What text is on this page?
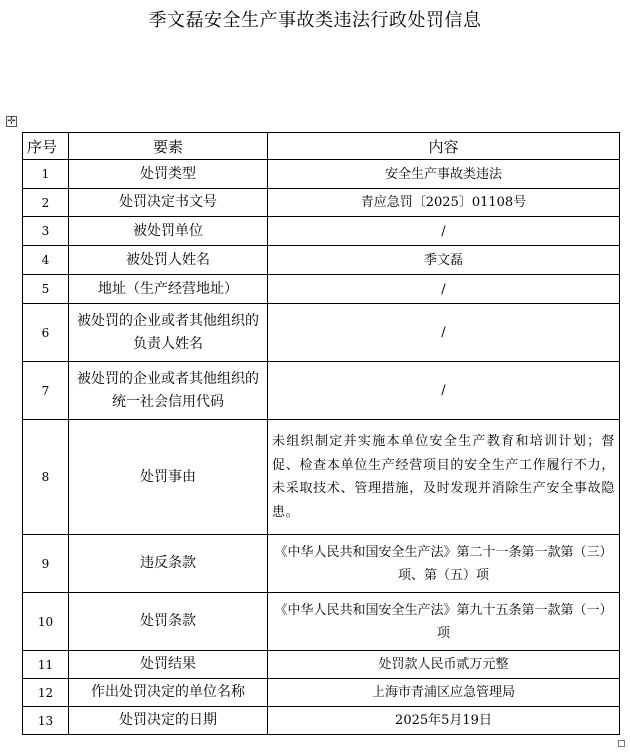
季文磊安全生产事故类违法行政处罚信息
✛
序号	要素	内容
1	处罚类型	安全生产事故类违法
2	处罚决定书文号	青应急罚〔2025〕01108号
3	被处罚单位	/
4	被处罚人姓名	季文磊
5	地址（生产经营地址）	/
6	被处罚的企业或者其他组织的负责人姓名	/
7	被处罚的企业或者其他组织的统一社会信用代码	/
8	处罚事由	未组织制定并实施本单位安全生产教育和培训计划；督促、检查本单位生产经营项目的安全生产工作履行不力，未采取技术、管理措施，及时发现并消除生产安全事故隐患。
9	违反条款	《中华人民共和国安全生产法》第二十一条第一款第（三）项、第（五）项
10	处罚条款	《中华人民共和国安全生产法》第九十五条第一款第（一）项
11	处罚结果	处罚款人民币贰万元整
12	作出处罚决定的单位名称	上海市青浦区应急管理局
13	处罚决定的日期	2025年5月19日
